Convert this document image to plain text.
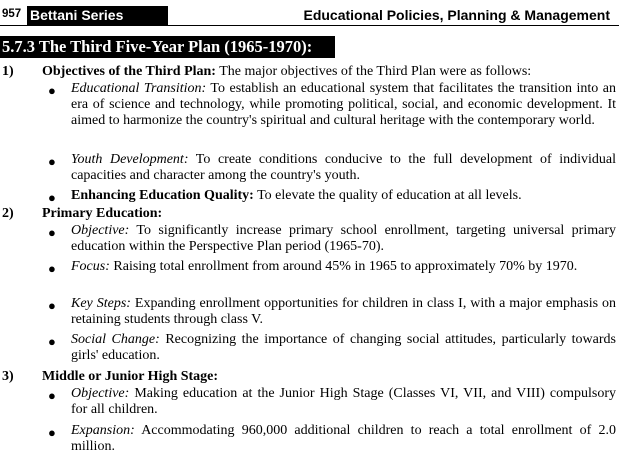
957 Bettani Series	Educational Policies, Planning & Management
5.7.3 The Third Five-Year Plan (1965-1970):
1) Objectives of the Third Plan: The major objectives of the Third Plan were as follows:
● Educational Transition: To establish an educational system that facilitates the transition into an era of science and technology, while promoting political, social, and economic development. It aimed to harmonize the country's spiritual and cultural heritage with the contemporary world.
● Youth Development: To create conditions conducive to the full development of individual capacities and character among the country's youth.
● Enhancing Education Quality: To elevate the quality of education at all levels.
2) Primary Education:
● Objective: To significantly increase primary school enrollment, targeting universal primary education within the Perspective Plan period (1965-70).
● Focus: Raising total enrollment from around 45% in 1965 to approximately 70% by 1970.
● Key Steps: Expanding enrollment opportunities for children in class I, with a major emphasis on retaining students through class V.
● Social Change: Recognizing the importance of changing social attitudes, particularly towards girls' education.
3) Middle or Junior High Stage:
● Objective: Making education at the Junior High Stage (Classes VI, VII, and VIII) compulsory for all children.
● Expansion: Accommodating 960,000 additional children to reach a total enrollment of 2.0 million.
